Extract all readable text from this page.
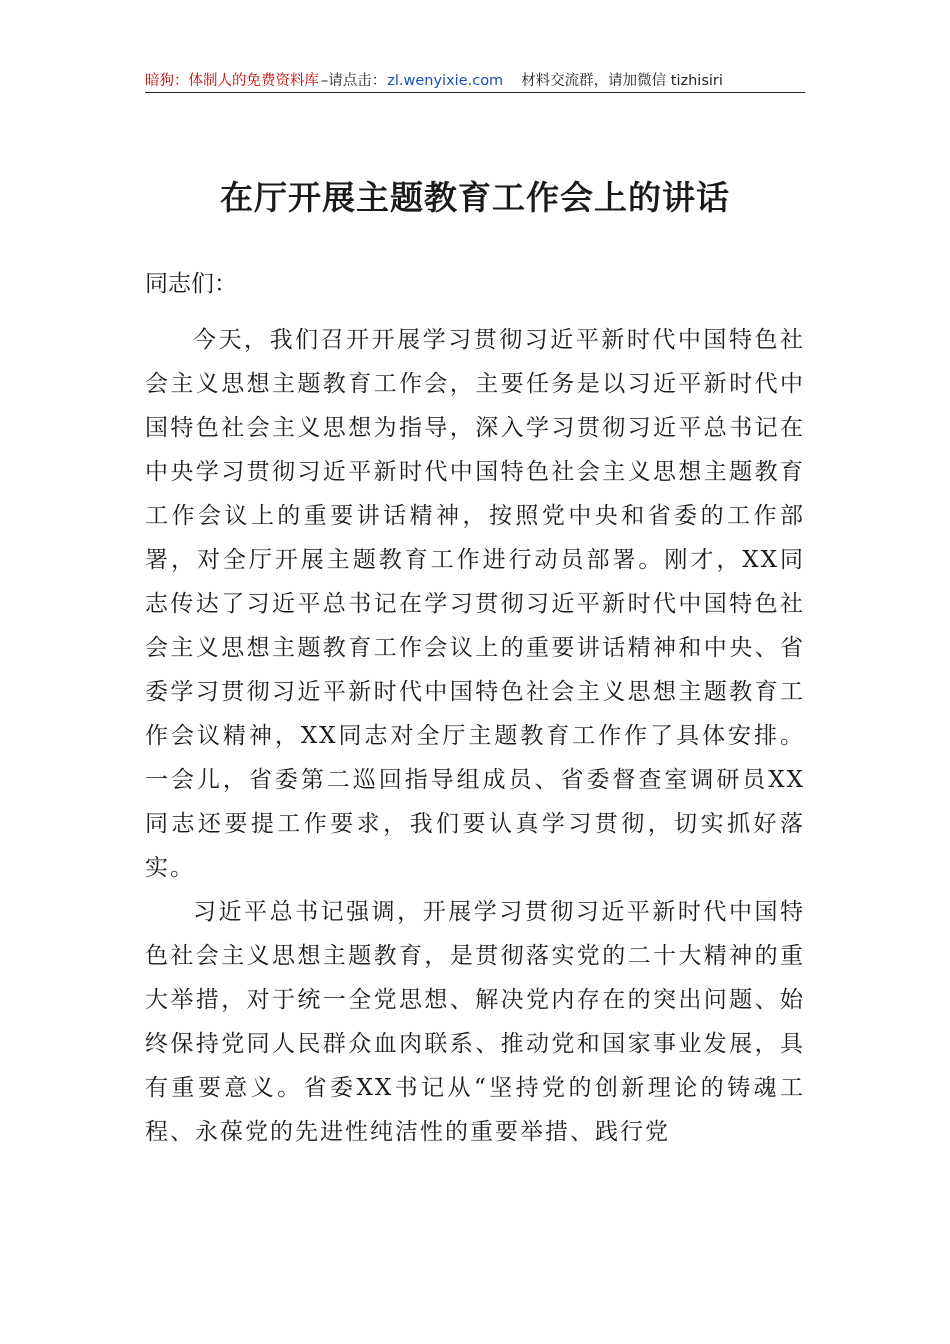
暗狗：体制人的免费资料库 –请点击：zl.wenyixie.com 材料交流群，请加微信 tizhisiri
在厅开展主题教育工作会上的讲话
同志们：

今天，我们召开开展学习贯彻习近平新时代中国特色社会主义思想主题教育工作会，主要任务是以习近平新时代中国特色社会主义思想为指导，深入学习贯彻习近平总书记在中央学习贯彻习近平新时代中国特色社会主义思想主题教育工作会议上的重要讲话精神，按照党中央和省委的工作部署，对全厅开展主题教育工作进行动员部署。刚才，XX同志传达了习近平总书记在学习贯彻习近平新时代中国特色社会主义思想主题教育工作会议上的重要讲话精神和中央、省委学习贯彻习近平新时代中国特色社会主义思想主题教育工作会议精神，XX同志对全厅主题教育工作作了具体安排。一会儿，省委第二巡回指导组成员、省委督查室调研员XX同志还要提工作要求，我们要认真学习贯彻，切实抓好落实。

习近平总书记强调，开展学习贯彻习近平新时代中国特色社会主义思想主题教育，是贯彻落实党的二十大精神的重大举措，对于统一全党思想、解决党内存在的突出问题、始终保持党同人民群众血肉联系、推动党和国家事业发展，具有重要意义。省委XX书记从“坚持党的创新理论的铸魂工程、永葆党的先进性纯洁性的重要举措、践行党
